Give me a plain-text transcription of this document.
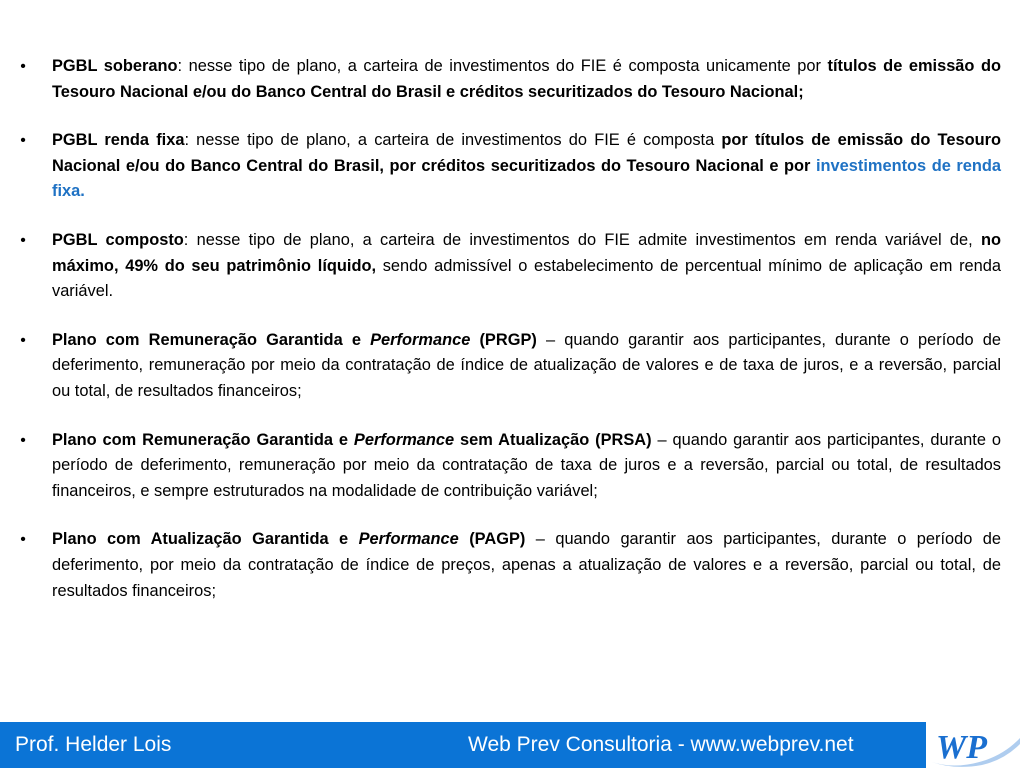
• PGBL soberano: nesse tipo de plano, a carteira de investimentos do FIE é composta unicamente por títulos de emissão do Tesouro Nacional e/ou do Banco Central do Brasil e créditos securitizados do Tesouro Nacional;
• PGBL renda fixa: nesse tipo de plano, a carteira de investimentos do FIE é composta por títulos de emissão do Tesouro Nacional e/ou do Banco Central do Brasil, por créditos securitizados do Tesouro Nacional e por investimentos de renda fixa.
• PGBL composto: nesse tipo de plano, a carteira de investimentos do FIE admite investimentos em renda variável de, no máximo, 49% do seu patrimônio líquido, sendo admissível o estabelecimento de percentual mínimo de aplicação em renda variável.
• Plano com Remuneração Garantida e Performance (PRGP) – quando garantir aos participantes, durante o período de deferimento, remuneração por meio da contratação de índice de atualização de valores e de taxa de juros, e a reversão, parcial ou total, de resultados financeiros;
• Plano com Remuneração Garantida e Performance sem Atualização (PRSA) – quando garantir aos participantes, durante o período de deferimento, remuneração por meio da contratação de taxa de juros e a reversão, parcial ou total, de resultados financeiros, e sempre estruturados na modalidade de contribuição variável;
• Plano com Atualização Garantida e Performance (PAGP) – quando garantir aos participantes, durante o período de deferimento, por meio da contratação de índice de preços, apenas a atualização de valores e a reversão, parcial ou total, de resultados financeiros;
Prof. Helder Lois	Web Prev Consultoria - www.webprev.net WP
